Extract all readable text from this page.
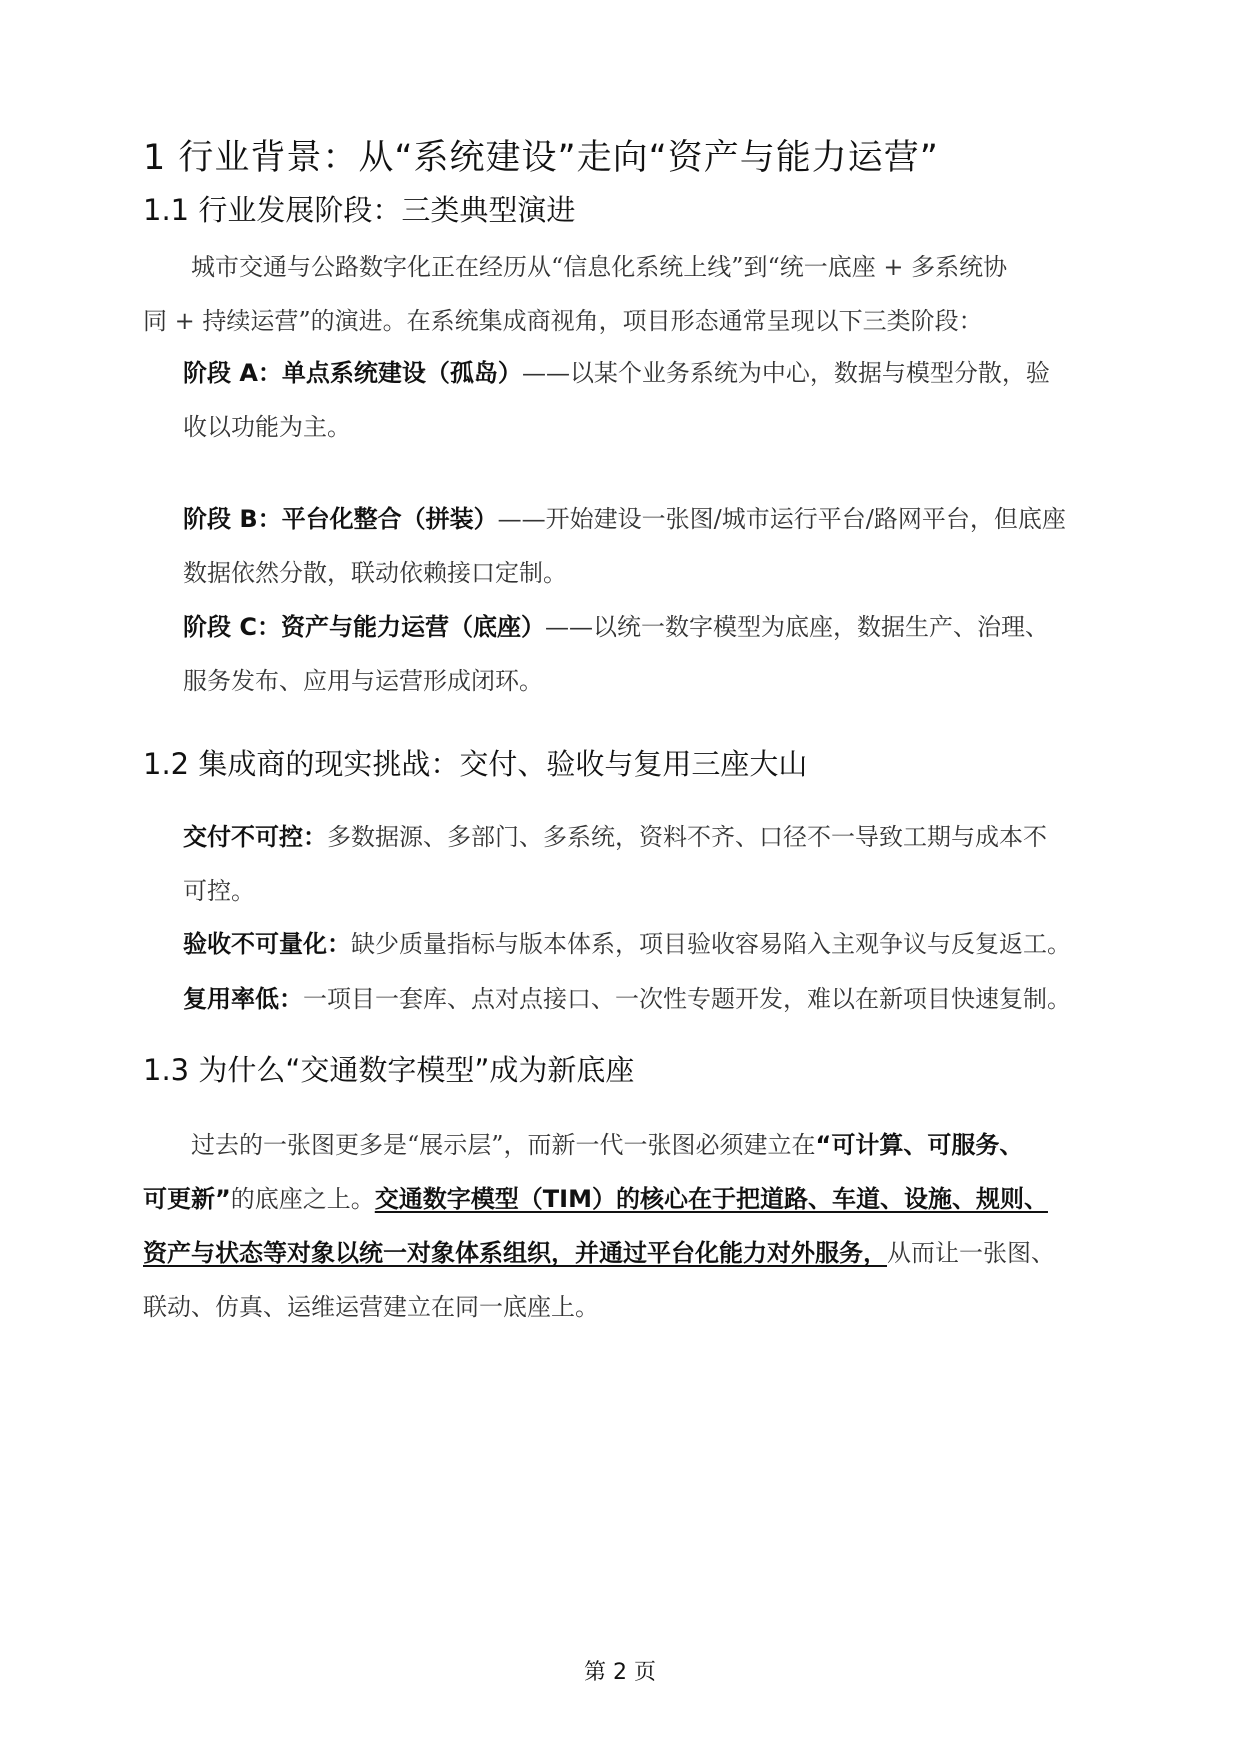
1 行业背景：从“系统建设”走向“资产与能力运营”
1.1 行业发展阶段：三类典型演进

城市交通与公路数字化正在经历从“信息化系统上线”到“统一底座 + 多系统协
同 + 持续运营”的演进。在系统集成商视角，项目形态通常呈现以下三类阶段：

阶段 A：单点系统建设（孤岛）——以某个业务系统为中心，数据与模型分散，验
收以功能为主。

阶段 B：平台化整合（拼装）——开始建设一张图/城市运行平台/路网平台，但底座
数据依然分散，联动依赖接口定制。

阶段 C：资产与能力运营（底座）——以统一数字模型为底座，数据生产、治理、
服务发布、应用与运营形成闭环。

1.2 集成商的现实挑战：交付、验收与复用三座大山

交付不可控：多数据源、多部门、多系统，资料不齐、口径不一导致工期与成本不
可控。

验收不可量化：缺少质量指标与版本体系，项目验收容易陷入主观争议与反复返工。

复用率低：一项目一套库、点对点接口、一次性专题开发，难以在新项目快速复制。

1.3 为什么“交通数字模型”成为新底座

过去的一张图更多是“展示层”，而新一代一张图必须建立在“可计算、可服务、
可更新”的底座之上。交通数字模型（TIM）的核心在于把道路、车道、设施、规则、
资产与状态等对象以统一对象体系组织，并通过平台化能力对外服务，从而让一张图、
联动、仿真、运维运营建立在同一底座上。

第 2 页
